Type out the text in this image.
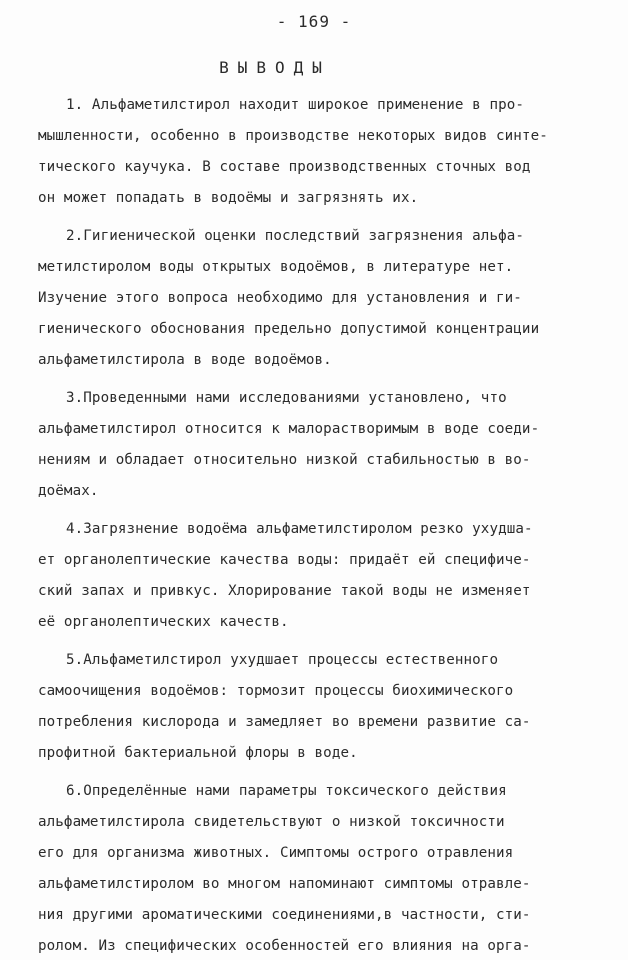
- 169 -
ВЫВОДЫ
1. Альфаметилстирол находит широкое применение в про-
мышленности, особенно в производстве некоторых видов синте-
тического каучука. В составе производственных сточных вод
он может попадать в водоёмы и загрязнять их.
2.Гигиенической оценки последствий загрязнения альфа-
метилстиролом воды открытых водоёмов, в литературе нет.
Изучение этого вопроса необходимо для установления и ги-
гиенического обоснования предельно допустимой концентрации
альфаметилстирола в воде водоёмов.
3.Проведенными нами исследованиями установлено, что
альфаметилстирол относится к малорастворимым в воде соеди-
нениям и обладает относительно низкой стабильностью в во-
доёмах.
4.Загрязнение водоёма альфаметилстиролом резко ухудша-
ет органолептические качества воды: придаёт ей специфиче-
ский запах и привкус. Хлорирование такой воды не изменяет
её органолептических качеств.
5.Альфаметилстирол ухудшает процессы естественного
самоочищения водоёмов: тормозит процессы биохимического
потребления кислорода и замедляет во времени развитие са-
профитной бактериальной флоры в воде.
6.Определённые нами параметры токсического действия
альфаметилстирола свидетельствуют о низкой токсичности
его для организма животных. Симптомы острого отравления
альфаметилстиролом во многом напоминают симптомы отравле-
ния другими ароматическими соединениями,в частности, сти-
ролом. Из специфических особенностей его влияния на орга-
